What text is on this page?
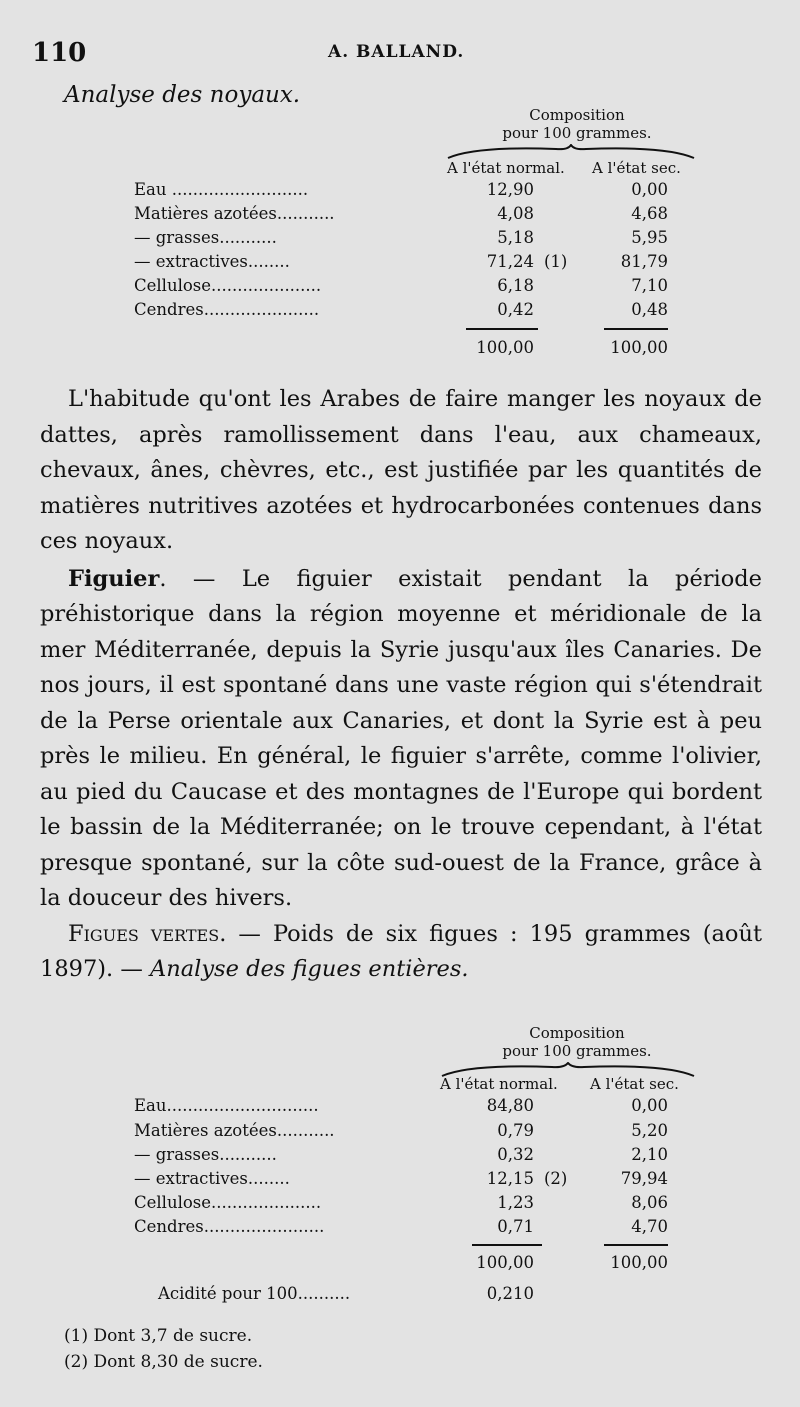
110	A. BALLAND.
Analyse des noyaux.
Composition
pour 100 grammes.
A l'état normal. A l'état sec.
Eau ..........................	12,90	0,00
Matières azotées...........	4,08	4,68
— grasses...........	5,18	5,95
— extractives........	71,24 (1)	81,79
Cellulose.....................	6,18	7,10
Cendres......................	0,42	0,48
100,00	100,00

L'habitude qu'ont les Arabes de faire manger les noyaux de dattes, après ramollissement dans l'eau, aux chameaux, chevaux, ânes, chèvres, etc., est justifiée par les quantités de matières nutritives azotées et hydrocarbonées contenues dans ces noyaux.

Figuier. — Le figuier existait pendant la période préhistorique dans la région moyenne et méridionale de la mer Méditerranée, depuis la Syrie jusqu'aux îles Canaries. De nos jours, il est spontané dans une vaste région qui s'étendrait de la Perse orientale aux Canaries, et dont la Syrie est à peu près le milieu. En général, le figuier s'arrête, comme l'olivier, au pied du Caucase et des montagnes de l'Europe qui bordent le bassin de la Méditerranée; on le trouve cependant, à l'état presque spontané, sur la côte sud-ouest de la France, grâce à la douceur des hivers.

Figues vertes. — Poids de six figues : 195 grammes (août 1897). — Analyse des figues entières.

Composition
pour 100 grammes.
A l'état normal. A l'état sec.
Eau.............................	84,80	0,00
Matières azotées...........	0,79	5,20
— grasses...........	0,32	2,10
— extractives........	12,15 (2)	79,94
Cellulose.....................	1,23	8,06
Cendres.......................	0,71	4,70
100,00	100,00
Acidité pour 100..........	0,210
(1) Dont 3,7 de sucre.
(2) Dont 8,30 de sucre.
